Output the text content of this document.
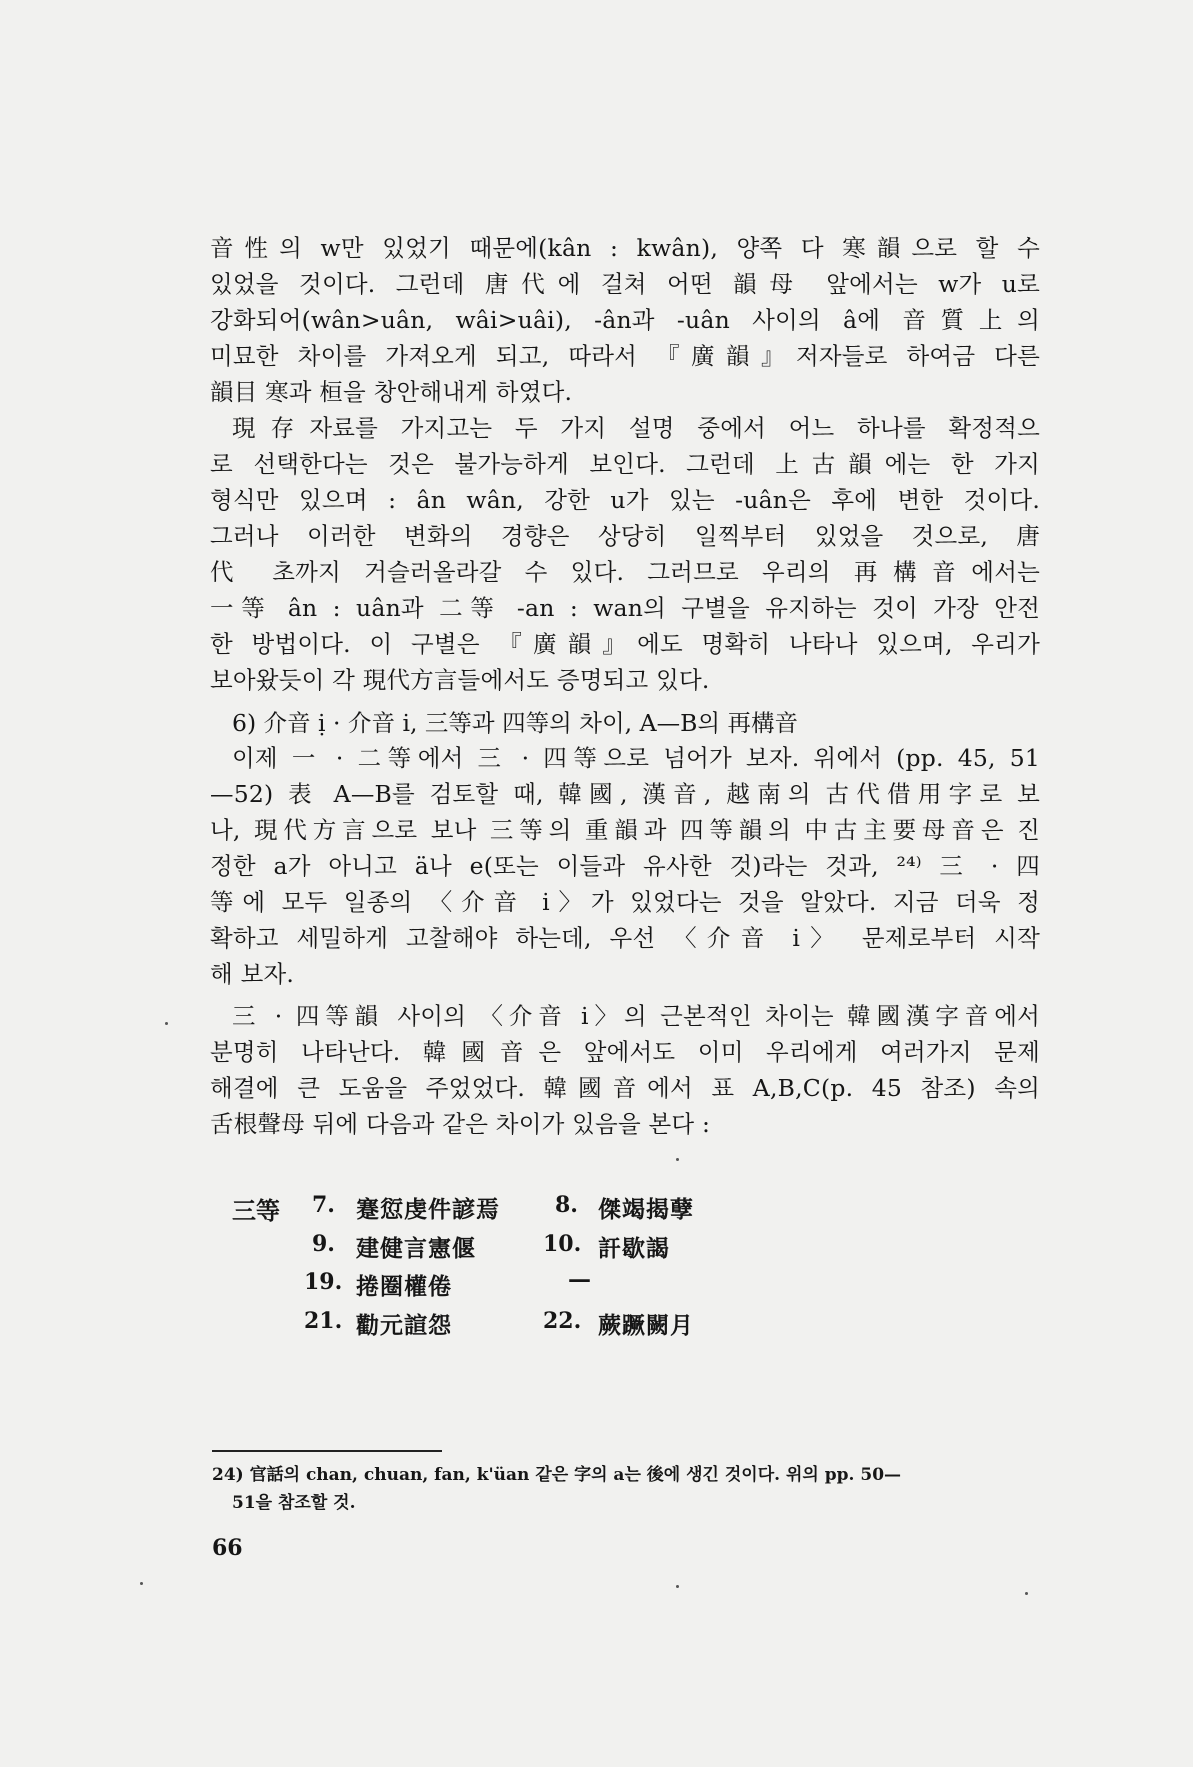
音性의 w만 있었기 때문에(kân : kwân), 양쪽 다 寒韻으로 할 수
있었을 것이다. 그런데 唐代에 걸쳐 어떤 韻母 앞에서는 w가 u로
강화되어(wân>uân, wâi>uâi), -ân과 -uân 사이의 â에 音質上의
미묘한 차이를 가져오게 되고, 따라서 『廣韻』저자들로 하여금 다른
韻目 寒과 桓을 창안해내게 하였다.
現存자료를 가지고는 두 가지 설명 중에서 어느 하나를 확정적으
로 선택한다는 것은 불가능하게 보인다. 그런데 上古韻에는 한 가지
형식만 있으며 : ân wân, 강한 u가 있는 -uân은 후에 변한 것이다.
그러나 이러한 변화의 경향은 상당히 일찍부터 있었을 것으로, 唐
代 초까지 거슬러올라갈 수 있다. 그러므로 우리의 再構音에서는
一等 ân : uân과 二等 -an : wan의 구별을 유지하는 것이 가장 안전
한 방법이다. 이 구별은 『廣韻』에도 명확히 나타나 있으며, 우리가
보아왔듯이 각 現代方言들에서도 증명되고 있다.
6) 介音 ị · 介音 i, 三等과 四等의 차이, A—B의 再構音
이제 一 · 二等에서 三 · 四等으로 넘어가 보자. 위에서 (pp. 45, 51
—52) 表 A—B를 검토할 때, 韓國, 漢音, 越南의 古代借用字로 보
나, 現代方言으로 보나 三等의 重韻과 四等韻의 中古主要母音은 진
정한 a가 아니고 ä나 e(또는 이들과 유사한 것)라는 것과, ²⁴⁾ 三 · 四
等에 모두 일종의 〈介音 i〉가 있었다는 것을 알았다. 지금 더욱 정
확하고 세밀하게 고찰해야 하는데, 우선 〈介音 i〉 문제로부터 시작
해 보자.
三 · 四等韻 사이의 〈介音 i〉의 근본적인 차이는 韓國漢字音에서
분명히 나타난다. 韓國音은 앞에서도 이미 우리에게 여러가지 문제
해결에 큰 도움을 주었었다. 韓國音에서 표 A,B,C(p. 45 참조) 속의
舌根聲母 뒤에 다음과 같은 차이가 있음을 본다 :
三等 7. 蹇愆虔件諺焉	8. 傑竭揭孽
9. 建健言憲偃	10. 訐歇謁
19. 捲圈權倦	—
21. 勸元諠怨	22. 蕨蹶闕月
24) 官話의 chan, chuan, fan, k'üan 같은 字의 a는 後에 생긴 것이다. 위의 pp. 50—
51을 참조할 것.
66
